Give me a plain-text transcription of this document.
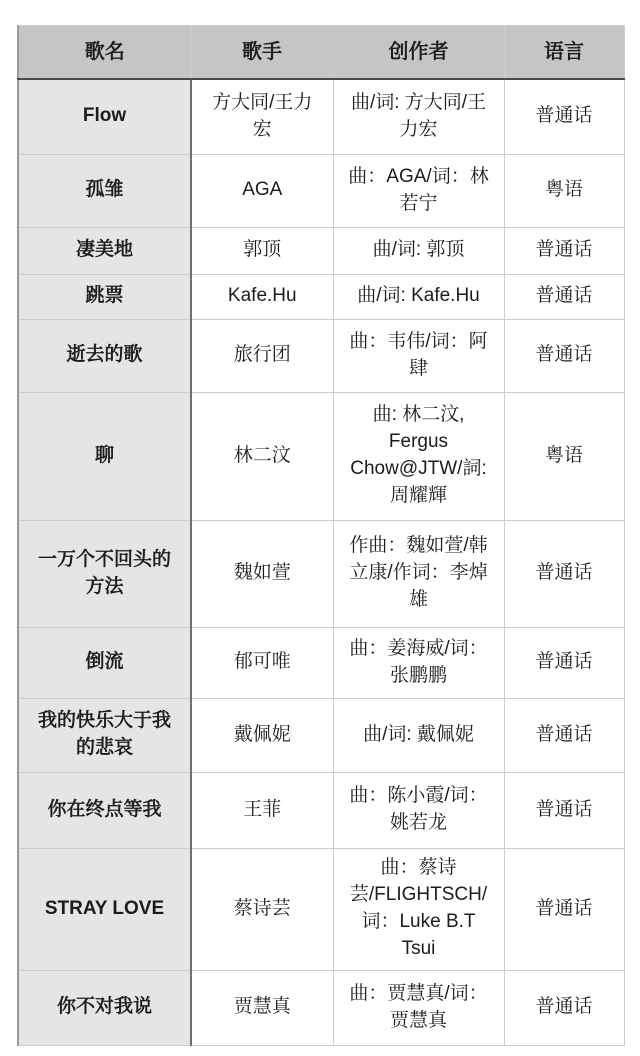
歌名	歌手	创作者	语言
Flow	方大同/王力宏	曲/词: 方大同/王力宏	普通话
孤雏	AGA	曲：AGA/词：林若宁	粤语
凄美地	郭顶	曲/词: 郭顶	普通话
跳票	Kafe.Hu	曲/词: Kafe.Hu	普通话
逝去的歌	旅行团	曲：韦伟/词：阿肆	普通话
聊	林二汶	曲: 林二汶, Fergus Chow@JTW/詞: 周耀輝	粤语
一万个不回头的方法	魏如萱	作曲：魏如萱/韩立康/作词：李焯雄	普通话
倒流	郁可唯	曲：姜海威/词：张鹏鹏	普通话
我的快乐大于我的悲哀	戴佩妮	曲/词: 戴佩妮	普通话
你在终点等我	王菲	曲：陈小霞/词：姚若龙	普通话
STRAY LOVE	蔡诗芸	曲：蔡诗芸/FLIGHTSCH/词：Luke B.T Tsui	普通话
你不对我说	贾慧真	曲：贾慧真/词：贾慧真	普通话
